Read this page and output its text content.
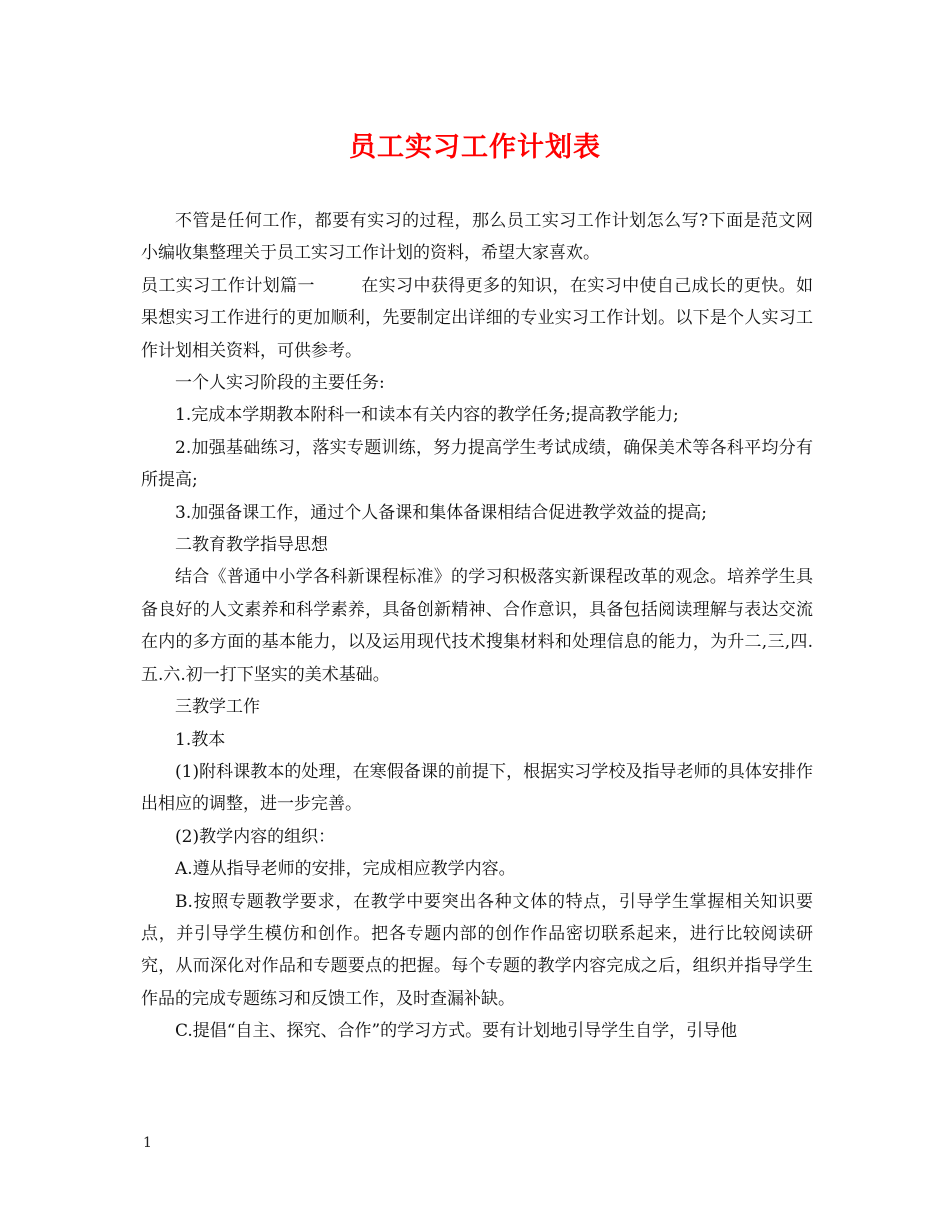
员工实习工作计划表

不管是任何工作，都要有实习的过程，那么员工实习工作计划怎么写?下面是范文网小编收集整理关于员工实习工作计划的资料，希望大家喜欢。

员工实习工作计划篇一	在实习中获得更多的知识，在实习中使自己成长的更快。如果想实习工作进行的更加顺利，先要制定出详细的专业实习工作计划。以下是个人实习工作计划相关资料，可供参考。

一个人实习阶段的主要任务:

1.完成本学期教本附科一和读本有关内容的教学任务;提高教学能力;

2.加强基础练习，落实专题训练，努力提高学生考试成绩，确保美术等各科平均分有所提高;

3.加强备课工作，通过个人备课和集体备课相结合促进教学效益的提高;

二教育教学指导思想

结合《普通中小学各科新课程标准》的学习积极落实新课程改革的观念。培养学生具备良好的人文素养和科学素养，具备创新精神、合作意识，具备包括阅读理解与表达交流在内的多方面的基本能力，以及运用现代技术搜集材料和处理信息的能力，为升二,三,四.五.六.初一打下坚实的美术基础。

三教学工作

1.教本

(1)附科课教本的处理，在寒假备课的前提下，根据实习学校及指导老师的具体安排作出相应的调整，进一步完善。

(2)教学内容的组织：

A.遵从指导老师的安排，完成相应教学内容。

B.按照专题教学要求，在教学中要突出各种文体的特点，引导学生掌握相关知识要点，并引导学生模仿和创作。把各专题内部的创作作品密切联系起来，进行比较阅读研究，从而深化对作品和专题要点的把握。每个专题的教学内容完成之后，组织并指导学生作品的完成专题练习和反馈工作，及时查漏补缺。

C.提倡“自主、探究、合作”的学习方式。要有计划地引导学生自学，引导他

1
